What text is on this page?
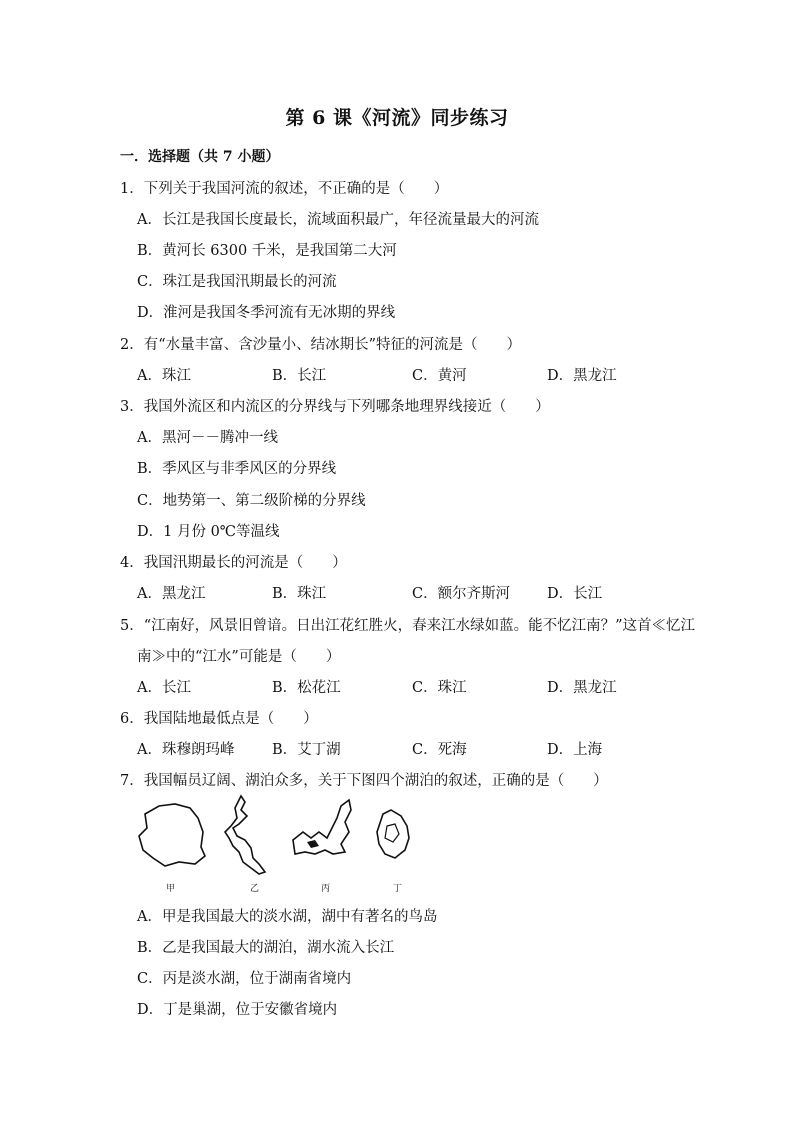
第 6 课《河流》同步练习
一．选择题（共 7 小题）
1．下列关于我国河流的叙述，不正确的是（　　）
A．长江是我国长度最长，流域面积最广，年径流量最大的河流
B．黄河长 6300 千米，是我国第二大河
C．珠江是我国汛期最长的河流
D．淮河是我国冬季河流有无冰期的界线
2．有“水量丰富、含沙量小、结冰期长”特征的河流是（　　）
A．珠江	B．长江	C．黄河	D．黑龙江
3．我国外流区和内流区的分界线与下列哪条地理界线接近（　　）
A．黑河－－腾冲一线
B．季风区与非季风区的分界线
C．地势第一、第二级阶梯的分界线
D．1 月份 0℃等温线
4．我国汛期最长的河流是（　　）
A．黑龙江	B．珠江	C．额尔齐斯河	D．长江
5．“江南好，风景旧曾谙。日出江花红胜火，春来江水绿如蓝。能不忆江南？”这首≪忆江
南≫中的“江水”可能是（　　）
A．长江	B．松花江	C．珠江	D．黑龙江
6．我国陆地最低点是（　　）
A．珠穆朗玛峰	B．艾丁湖	C．死海	D．上海
7．我国幅员辽阔、湖泊众多，关于下图四个湖泊的叙述，正确的是（　　）
甲	乙	丙	丁
A．甲是我国最大的淡水湖，湖中有著名的鸟岛
B．乙是我国最大的湖泊，湖水流入长江
C．丙是淡水湖，位于湖南省境内
D．丁是巢湖，位于安徽省境内
